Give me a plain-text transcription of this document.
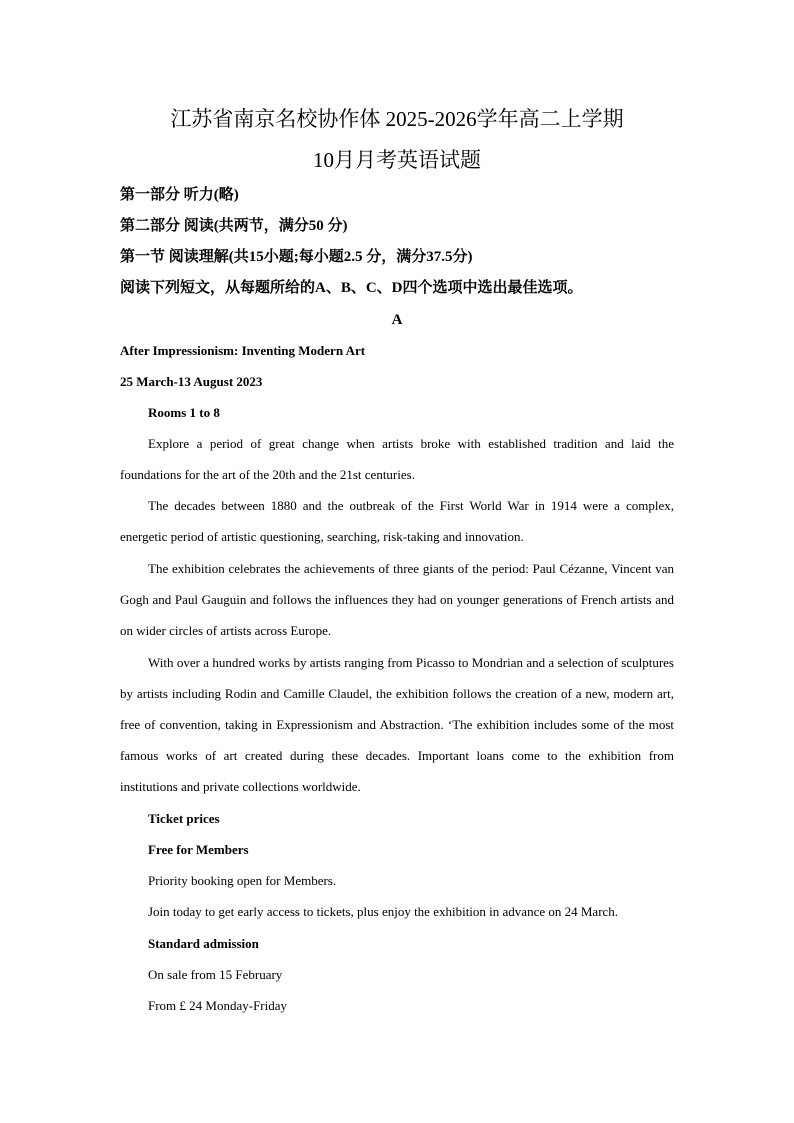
江苏省南京名校协作体 2025-2026学年高二上学期
10月月考英语试题
第一部分 听力(略)
第二部分 阅读(共两节，满分50 分)
第一节 阅读理解(共15小题;每小题2.5 分，满分37.5分)
阅读下列短文，从每题所给的A、B、C、D四个选项中选出最佳选项。
A
After Impressionism: Inventing Modern Art
25 March-13 August 2023
Rooms 1 to 8

Explore a period of great change when artists broke with established tradition and laid the foundations for the art of the 20th and the 21st centuries.

The decades between 1880 and the outbreak of the First World War in 1914 were a complex, energetic period of artistic questioning, searching, risk-taking and innovation.

The exhibition celebrates the achievements of three giants of the period: Paul Cézanne, Vincent van Gogh and Paul Gauguin and follows the influences they had on younger generations of French artists and on wider circles of artists across Europe.

With over a hundred works by artists ranging from Picasso to Mondrian and a selection of sculptures by artists including Rodin and Camille Claudel, the exhibition follows the creation of a new, modern art, free of convention, taking in Expressionism and Abstraction. ‘The exhibition includes some of the most famous works of art created during these decades. Important loans come to the exhibition from institutions and private collections worldwide.

Ticket prices
Free for Members
Priority booking open for Members.
Join today to get early access to tickets, plus enjoy the exhibition in advance on 24 March.
Standard admission
On sale from 15 February
From £ 24 Monday-Friday
